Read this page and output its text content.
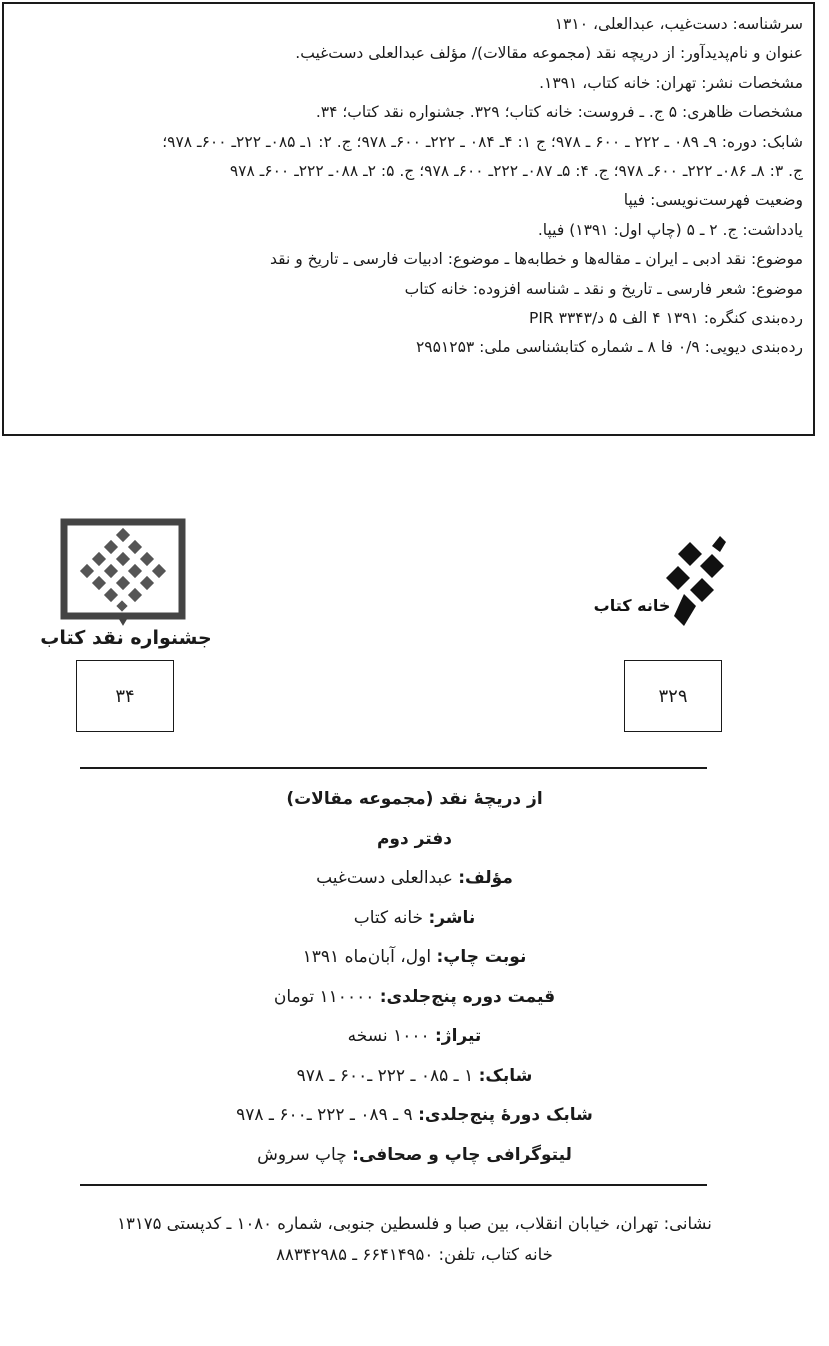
سرشناسه: دست‌غیب، عبدالعلی، ۱۳۱۰
عنوان و نام‌پدیدآور: از دریچه نقد (مجموعه مقالات)/ مؤلف عبدالعلی دست‌غیب.
مشخصات نشر: تهران: خانه کتاب، ۱۳۹۱.
مشخصات ظاهری: ۵ ج. ـ فروست: خانه کتاب؛ ۳۲۹. جشنواره نقد کتاب؛ ۳۴.
شابک: دوره: ۹ـ ۰۸۹ ـ ۲۲۲ ـ ۶۰۰ ـ ۹۷۸؛ ج ۱: ۴ـ ۰۸۴ ـ ۲۲۲ـ ۶۰۰ـ ۹۷۸؛ ج. ۲: ۱ـ ۰۸۵ـ ۲۲۲ـ ۶۰۰ـ ۹۷۸؛
ج. ۳: ۸ـ ۰۸۶ـ ۲۲۲ـ ۶۰۰ـ ۹۷۸؛ ج. ۴: ۵ـ ۰۸۷ـ ۲۲۲ـ ۶۰۰ـ ۹۷۸؛ ج. ۵: ۲ـ ۰۸۸ـ ۲۲۲ـ ۶۰۰ـ ۹۷۸
وضعیت فهرست‌نویسی: فیپا
یادداشت: ج. ۲ ـ ۵ (چاپ اول: ۱۳۹۱) فیپا.
موضوع: نقد ادبی ـ ایران ـ مقاله‌ها و خطابه‌ها ـ موضوع: ادبیات فارسی ـ تاریخ و نقد
موضوع: شعر فارسی ـ تاریخ و نقد ـ شناسه افزوده: خانه کتاب
رده‌بندی کنگره: ۱۳۹۱ ۴ الف ۵ د/۳۳۴۳ PIR
رده‌بندی دیویی: ۰/۹ فا ۸ ـ شماره کتابشناسی ملی: ۲۹۵۱۲۵۳
جشنواره نقد کتاب
خانه کتاب
۳۴	۳۲۹
از دریچهٔ نقد (مجموعه مقالات)
دفتر دوم
مؤلف: عبدالعلی دست‌غیب
ناشر: خانه کتاب
نوبت چاپ: اول، آبان‌ماه ۱۳۹۱
قیمت دوره پنج‌جلدی: ۱۱۰۰۰۰ تومان
تیراژ: ۱۰۰۰ نسخه
شابک: ۱ ـ ۰۸۵ ـ ۲۲۲ ـ۶۰۰ ـ ۹۷۸
شابک دورهٔ پنج‌جلدی: ۹ ـ ۰۸۹ ـ ۲۲۲ ـ۶۰۰ ـ ۹۷۸
لیتوگرافی چاپ و صحافی: چاپ سروش
نشانی: تهران، خیابان انقلاب، بین صبا و فلسطین جنوبی، شماره ۱۰۸۰ ـ کدپستی ۱۳۱۷۵
خانه کتاب، تلفن: ۶۶۴۱۴۹۵۰ ـ ۸۸۳۴۲۹۸۵
